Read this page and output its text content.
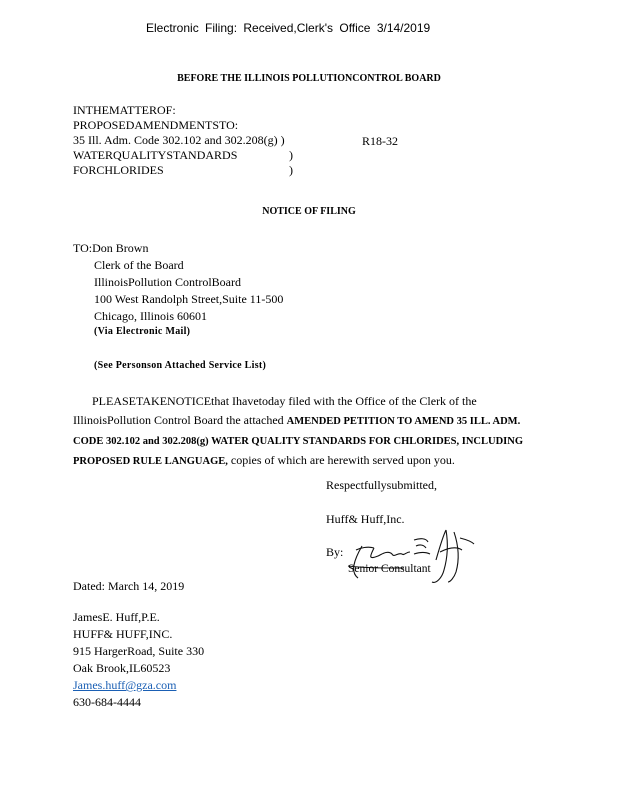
Electronic Filing: Received,Clerk's Office 3/14/2019
BEFORE THE ILLINOIS POLLUTIONCONTROL BOARD
INTHEMATTEROF:
PROPOSEDAMENDMENTSTO:
35 Ill. Adm. Code 302.102 and 302.208(g) )
WATERQUALITYSTANDARDS
FORCHLORIDES
)
)
R18-32
NOTICE OF FILING
TO:Don Brown
Clerk of the Board
IllinoisPollution ControlBoard
100 West Randolph Street,Suite 11-500
Chicago, Illinois 60601
(Via Electronic Mail)
(See Personson Attached Service List)
PLEASETAKENOTICEthat Ihavetoday filed with the Office of the Clerk of the IllinoisPollution Control Board the attached AMENDED PETITION TO AMEND 35 ILL. ADM. CODE 302.102 and 302.208(g) WATER QUALITY STANDARDS FOR CHLORIDES, INCLUDING PROPOSED RULE LANGUAGE, copies of which are herewith served upon you.
Respectfullysubmitted,
Huff& Huff,Inc.
By:
James E. Huff
Senior Consultant
Dated: March 14, 2019
JamesE. Huff,P.E.
HUFF& HUFF,INC.
915 HargerRoad, Suite 330
Oak Brook,IL60523
James.huff@gza.com
630-684-4444
